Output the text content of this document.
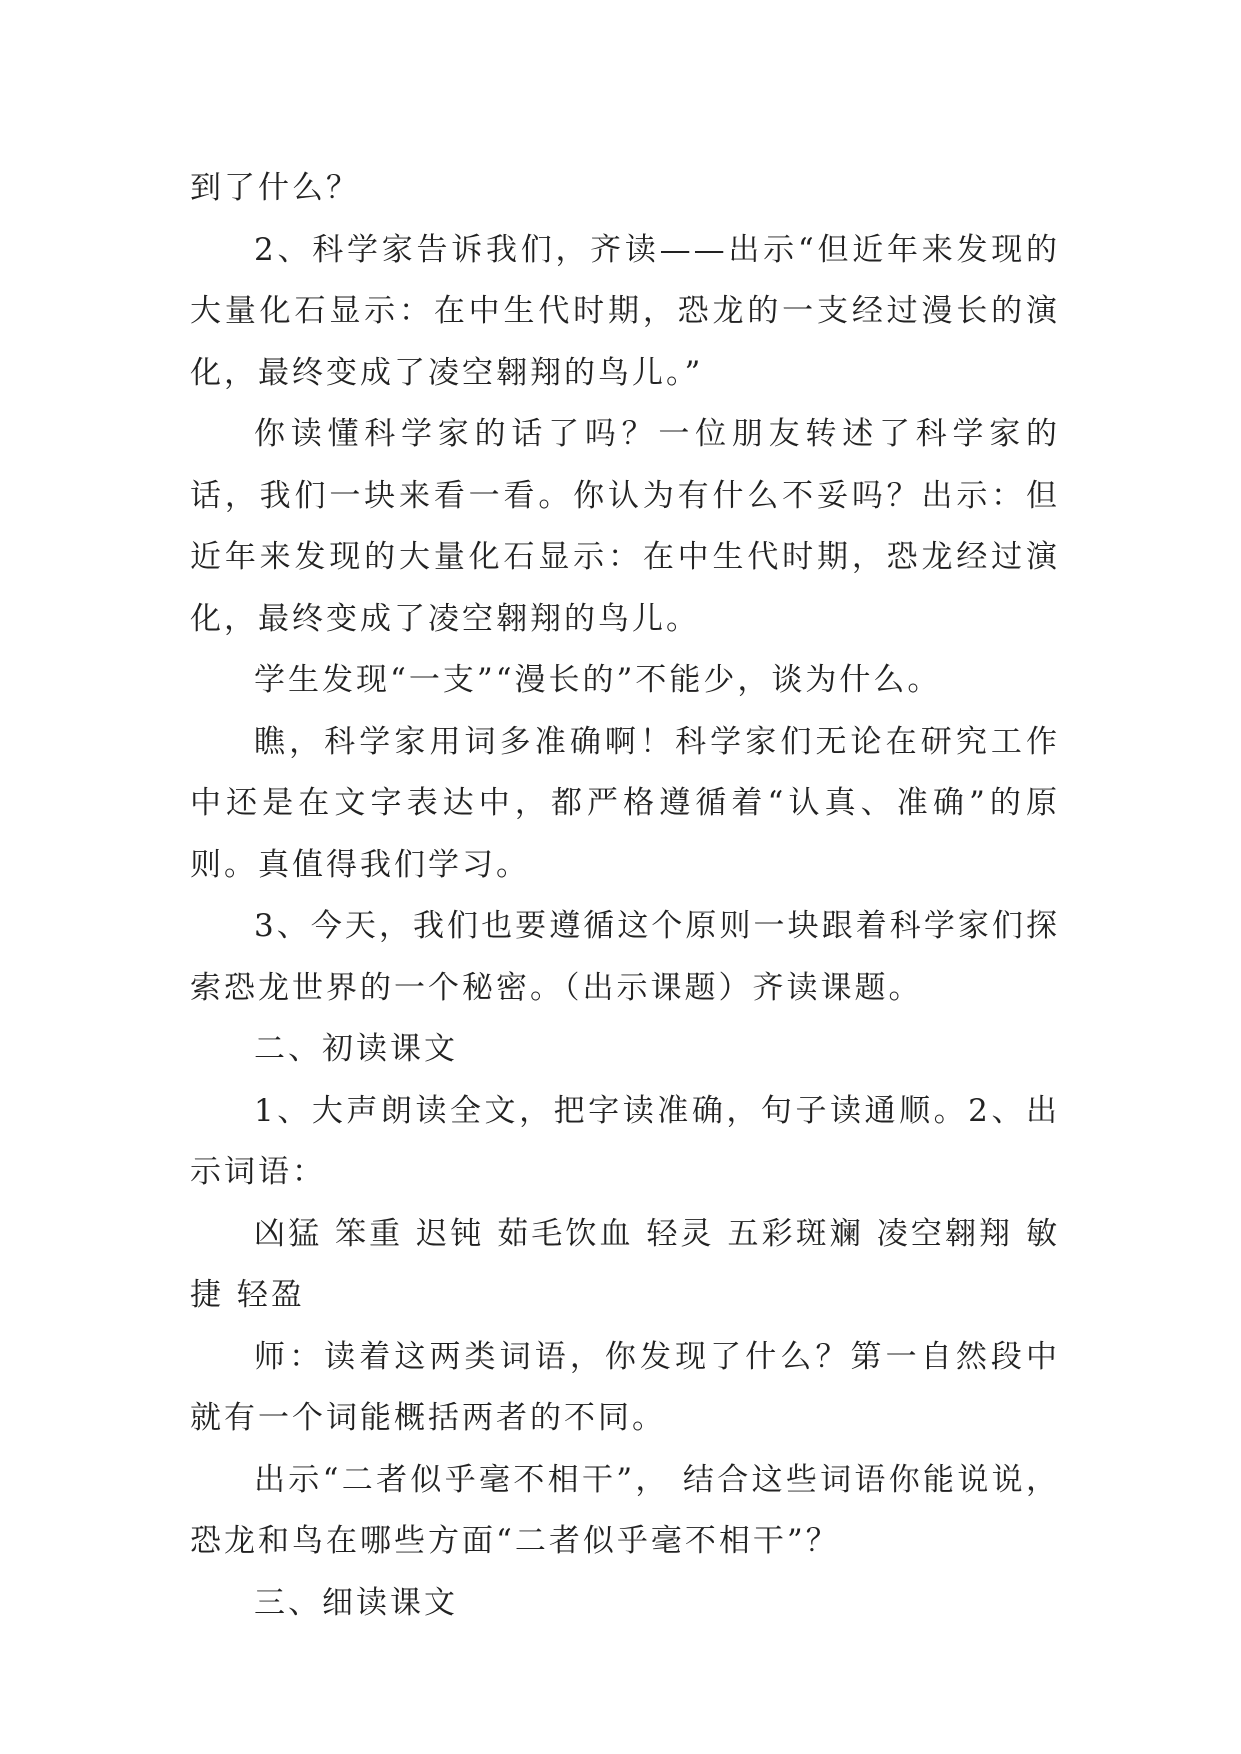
到了什么？

2、科学家告诉我们，齐读——出示“但近年来发现的大量化石显示：在中生代时期，恐龙的一支经过漫长的演化，最终变成了凌空翱翔的鸟儿。”

你读懂科学家的话了吗？一位朋友转述了科学家的话，我们一块来看一看。你认为有什么不妥吗？出示：但近年来发现的大量化石显示：在中生代时期，恐龙经过演化，最终变成了凌空翱翔的鸟儿。

学生发现“一支”“漫长的”不能少，谈为什么。

瞧，科学家用词多准确啊！科学家们无论在研究工作中还是在文字表达中，都严格遵循着“认真、准确”的原则。真值得我们学习。

3、今天，我们也要遵循这个原则一块跟着科学家们探索恐龙世界的一个秘密。（出示课题）齐读课题。

二、初读课文

1、大声朗读全文，把字读准确，句子读通顺。2、出示词语：

凶猛 笨重 迟钝 茹毛饮血 轻灵 五彩斑斓 凌空翱翔 敏捷 轻盈

师：读着这两类词语，你发现了什么？第一自然段中就有一个词能概括两者的不同。

出示“二者似乎毫不相干”， 结合这些词语你能说说，恐龙和鸟在哪些方面“二者似乎毫不相干”？

三、细读课文
